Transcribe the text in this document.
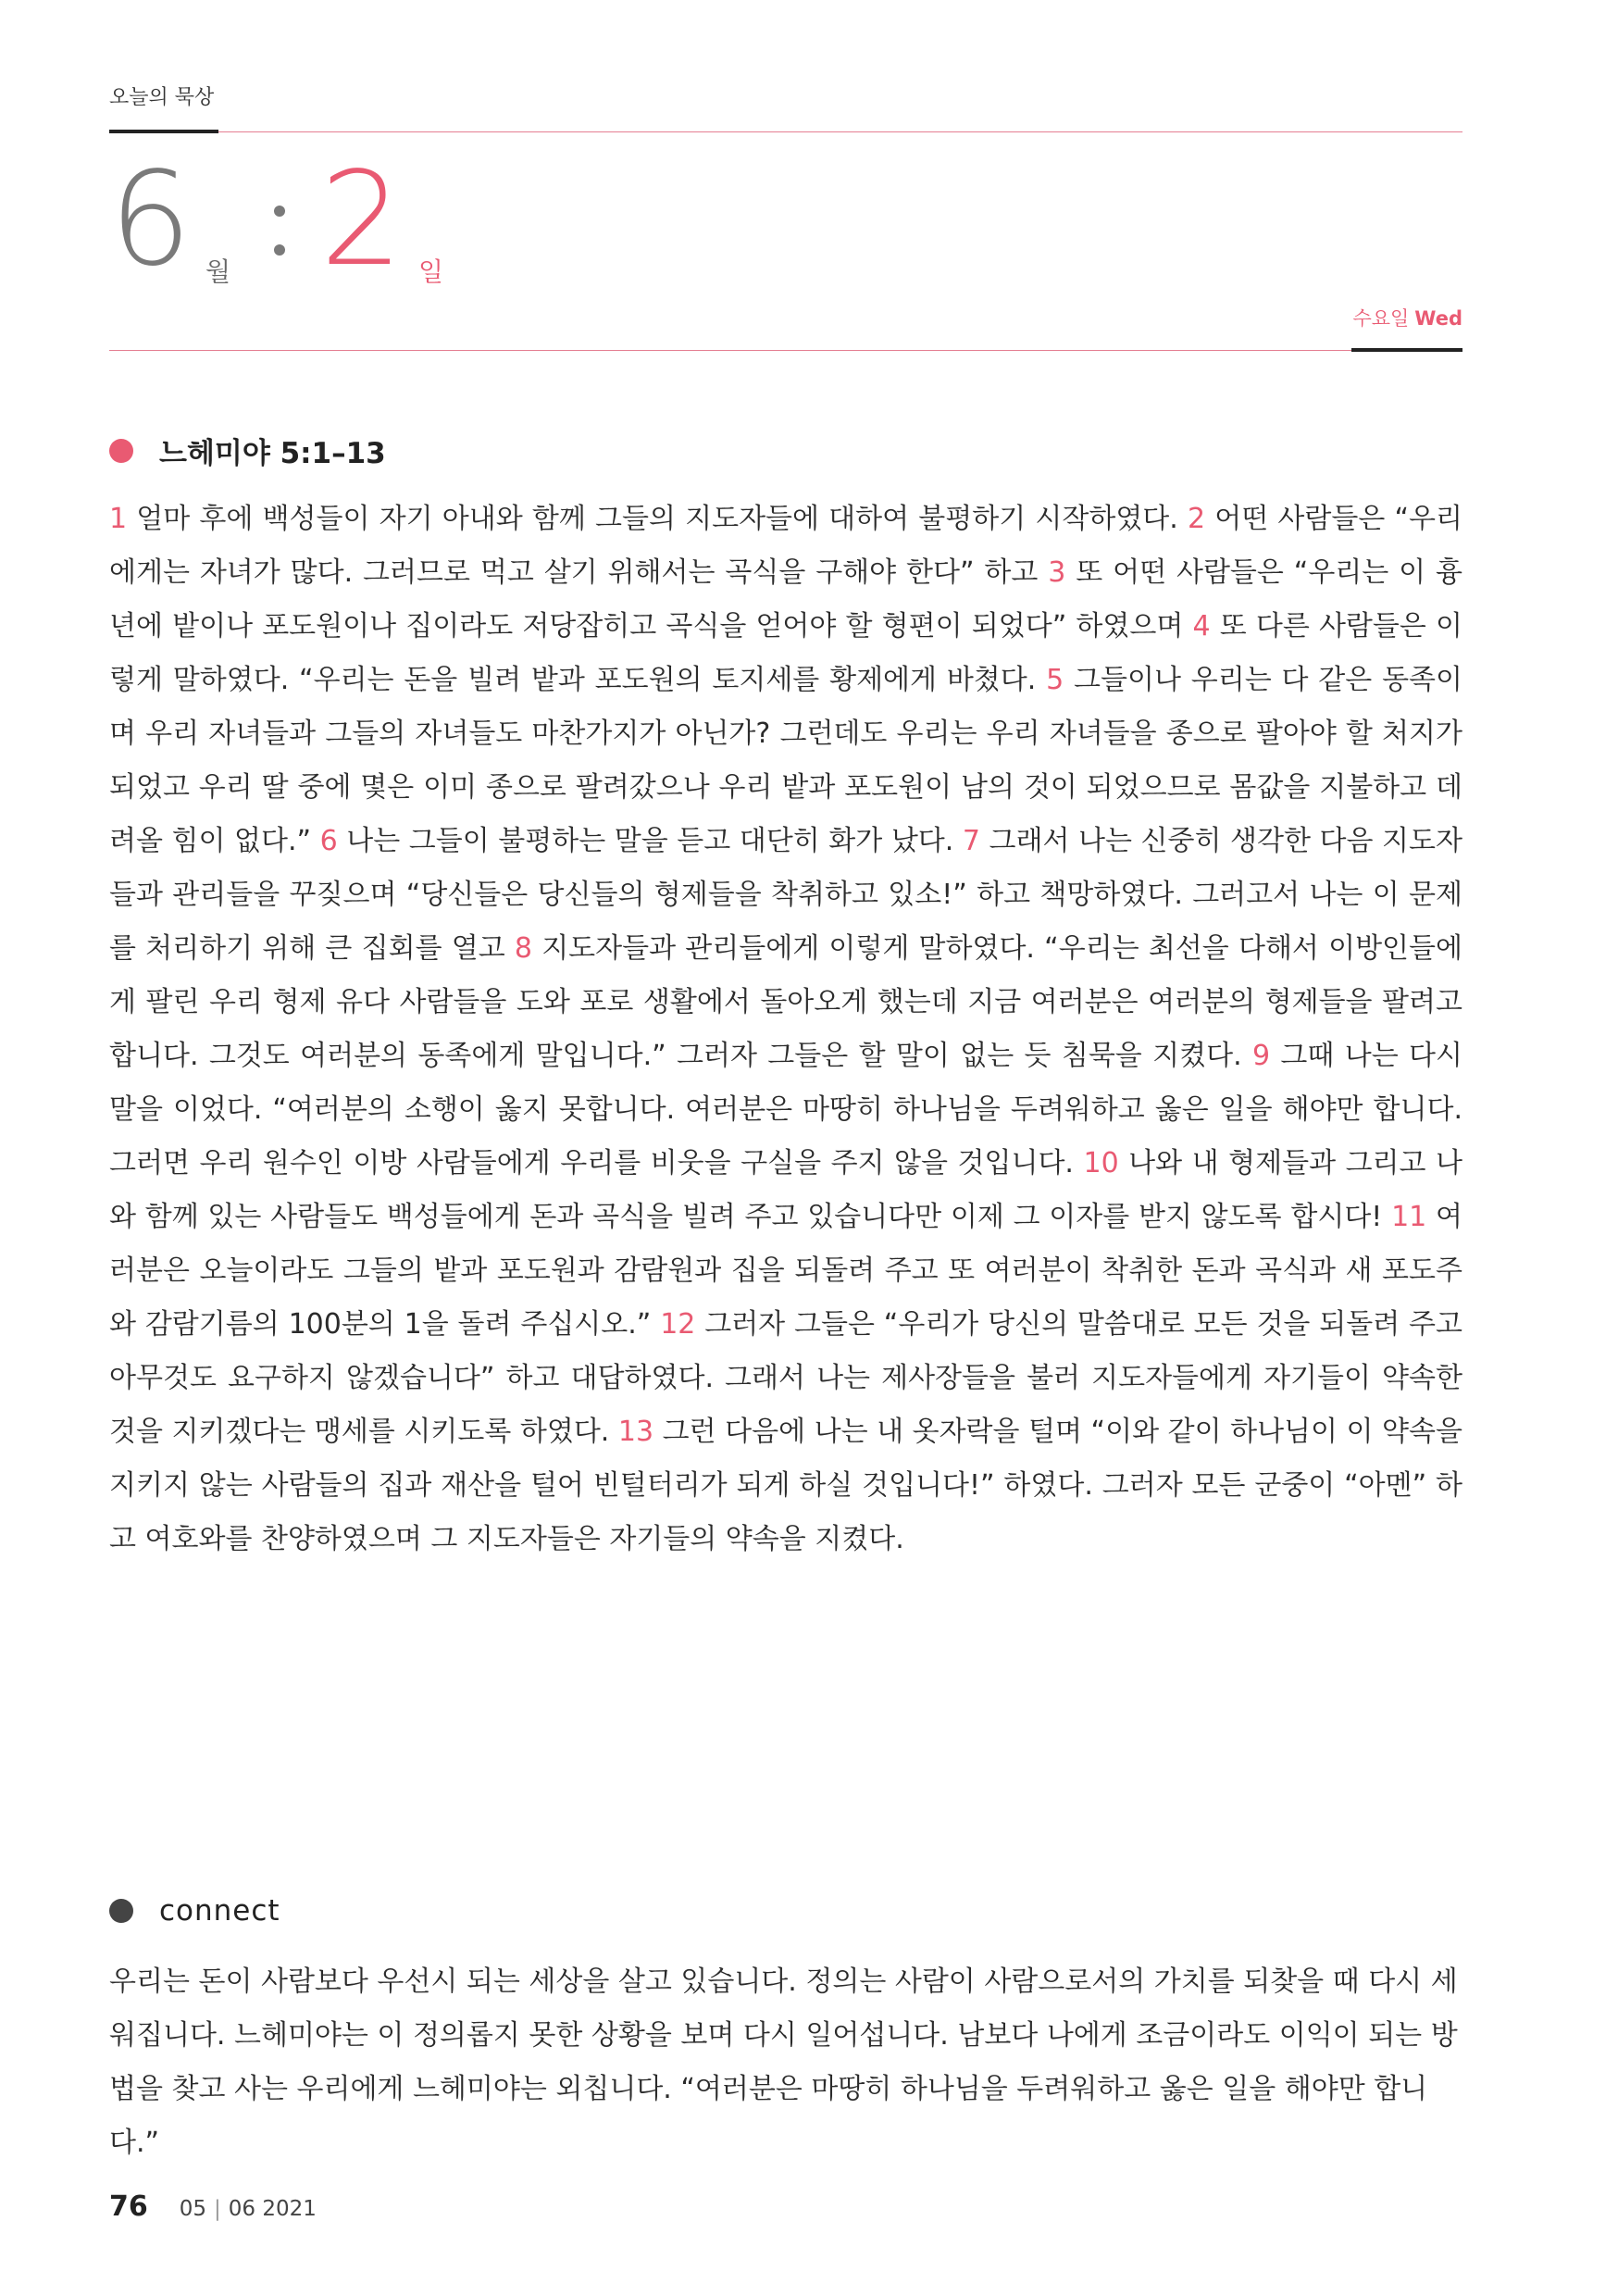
오늘의 묵상
6 월 2 일
수요일 Wed
느헤미야 5:1–13

1 얼마 후에 백성들이 자기 아내와 함께 그들의 지도자들에 대하여 불평하기 시작하였다. 2 어떤 사람들은 “우리에게는 자녀가 많다. 그러므로 먹고 살기 위해서는 곡식을 구해야 한다” 하고 3 또 어떤 사람들은 “우리는 이 흉년에 밭이나 포도원이나 집이라도 저당잡히고 곡식을 얻어야 할 형편이 되었다” 하였으며 4 또 다른 사람들은 이렇게 말하였다. “우리는 돈을 빌려 밭과 포도원의 토지세를 황제에게 바쳤다. 5 그들이나 우리는 다 같은 동족이며 우리 자녀들과 그들의 자녀들도 마찬가지가 아닌가? 그런데도 우리는 우리 자녀들을 종으로 팔아야 할 처지가 되었고 우리 딸 중에 몇은 이미 종으로 팔려갔으나 우리 밭과 포도원이 남의 것이 되었으므로 몸값을 지불하고 데려올 힘이 없다.” 6 나는 그들이 불평하는 말을 듣고 대단히 화가 났다. 7 그래서 나는 신중히 생각한 다음 지도자들과 관리들을 꾸짖으며 “당신들은 당신들의 형제들을 착취하고 있소!” 하고 책망하였다. 그러고서 나는 이 문제를 처리하기 위해 큰 집회를 열고 8 지도자들과 관리들에게 이렇게 말하였다. “우리는 최선을 다해서 이방인들에게 팔린 우리 형제 유다 사람들을 도와 포로 생활에서 돌아오게 했는데 지금 여러분은 여러분의 형제들을 팔려고 합니다. 그것도 여러분의 동족에게 말입니다.” 그러자 그들은 할 말이 없는 듯 침묵을 지켰다. 9 그때 나는 다시 말을 이었다. “여러분의 소행이 옳지 못합니다. 여러분은 마땅히 하나님을 두려워하고 옳은 일을 해야만 합니다. 그러면 우리 원수인 이방 사람들에게 우리를 비웃을 구실을 주지 않을 것입니다. 10 나와 내 형제들과 그리고 나와 함께 있는 사람들도 백성들에게 돈과 곡식을 빌려 주고 있습니다만 이제 그 이자를 받지 않도록 합시다! 11 여러분은 오늘이라도 그들의 밭과 포도원과 감람원과 집을 되돌려 주고 또 여러분이 착취한 돈과 곡식과 새 포도주와 감람기름의 100분의 1을 돌려 주십시오.” 12 그러자 그들은 “우리가 당신의 말씀대로 모든 것을 되돌려 주고 아무것도 요구하지 않겠습니다” 하고 대답하였다. 그래서 나는 제사장들을 불러 지도자들에게 자기들이 약속한 것을 지키겠다는 맹세를 시키도록 하였다. 13 그런 다음에 나는 내 옷자락을 털며 “이와 같이 하나님이 이 약속을 지키지 않는 사람들의 집과 재산을 털어 빈털터리가 되게 하실 것입니다!” 하였다. 그러자 모든 군중이 “아멘” 하고 여호와를 찬양하였으며 그 지도자들은 자기들의 약속을 지켰다.

connect

우리는 돈이 사람보다 우선시 되는 세상을 살고 있습니다. 정의는 사람이 사람으로서의 가치를 되찾을 때 다시 세워집니다. 느헤미야는 이 정의롭지 못한 상황을 보며 다시 일어섭니다. 남보다 나에게 조금이라도 이익이 되는 방법을 찾고 사는 우리에게 느헤미야는 외칩니다. “여러분은 마땅히 하나님을 두려워하고 옳은 일을 해야만 합니다.”

76 05 | 06 2021
